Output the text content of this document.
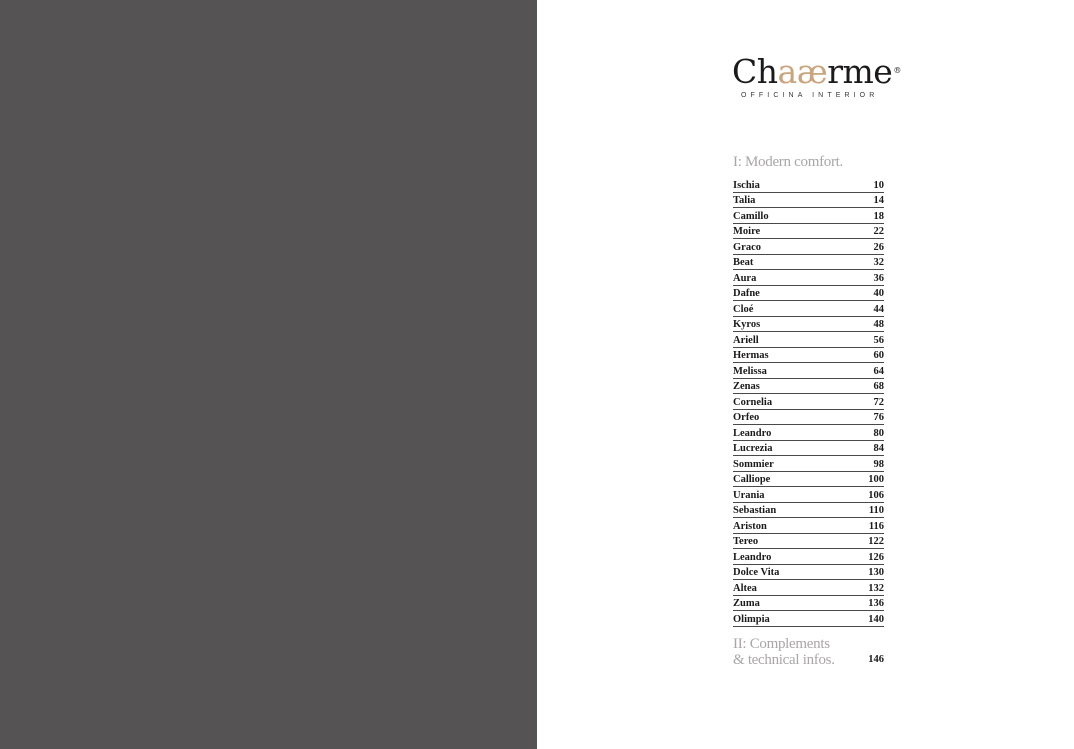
Chaærme®
OFFICINA INTERIOR
I: Modern comfort.
Ischia	10
Talia	14
Camillo	18
Moire	22
Graco	26
Beat	32
Aura	36
Dafne	40
Cloé	44
Kyros	48
Ariell	56
Hermas	60
Melissa	64
Zenas	68
Cornelia	72
Orfeo	76
Leandro	80
Lucrezia	84
Sommier	98
Calliope	100
Urania	106
Sebastian	110
Ariston	116
Tereo	122
Leandro	126
Dolce Vita	130
Altea	132
Zuma	136
Olimpia	140
II: Complements
& technical infos.	146
